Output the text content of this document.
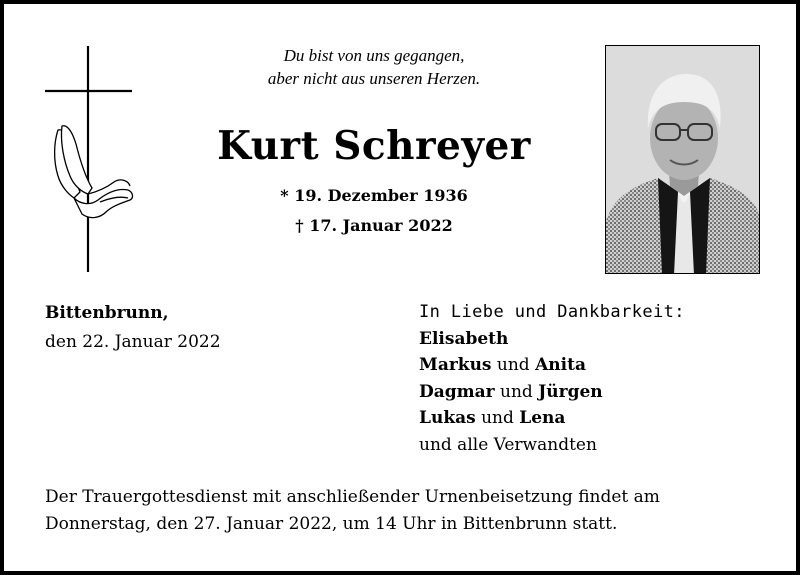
Du bist von uns gegangen,
aber nicht aus unseren Herzen.
Kurt Schreyer
* 19. Dezember 1936
† 17. Januar 2022
Bittenbrunn,
den 22. Januar 2022
In Liebe und Dankbarkeit:
Elisabeth
Markus und Anita
Dagmar und Jürgen
Lukas und Lena
und alle Verwandten
Der Trauergottesdienst mit anschließender Urnenbeisetzung findet am
Donnerstag, den 27. Januar 2022, um 14 Uhr in Bittenbrunn statt.
